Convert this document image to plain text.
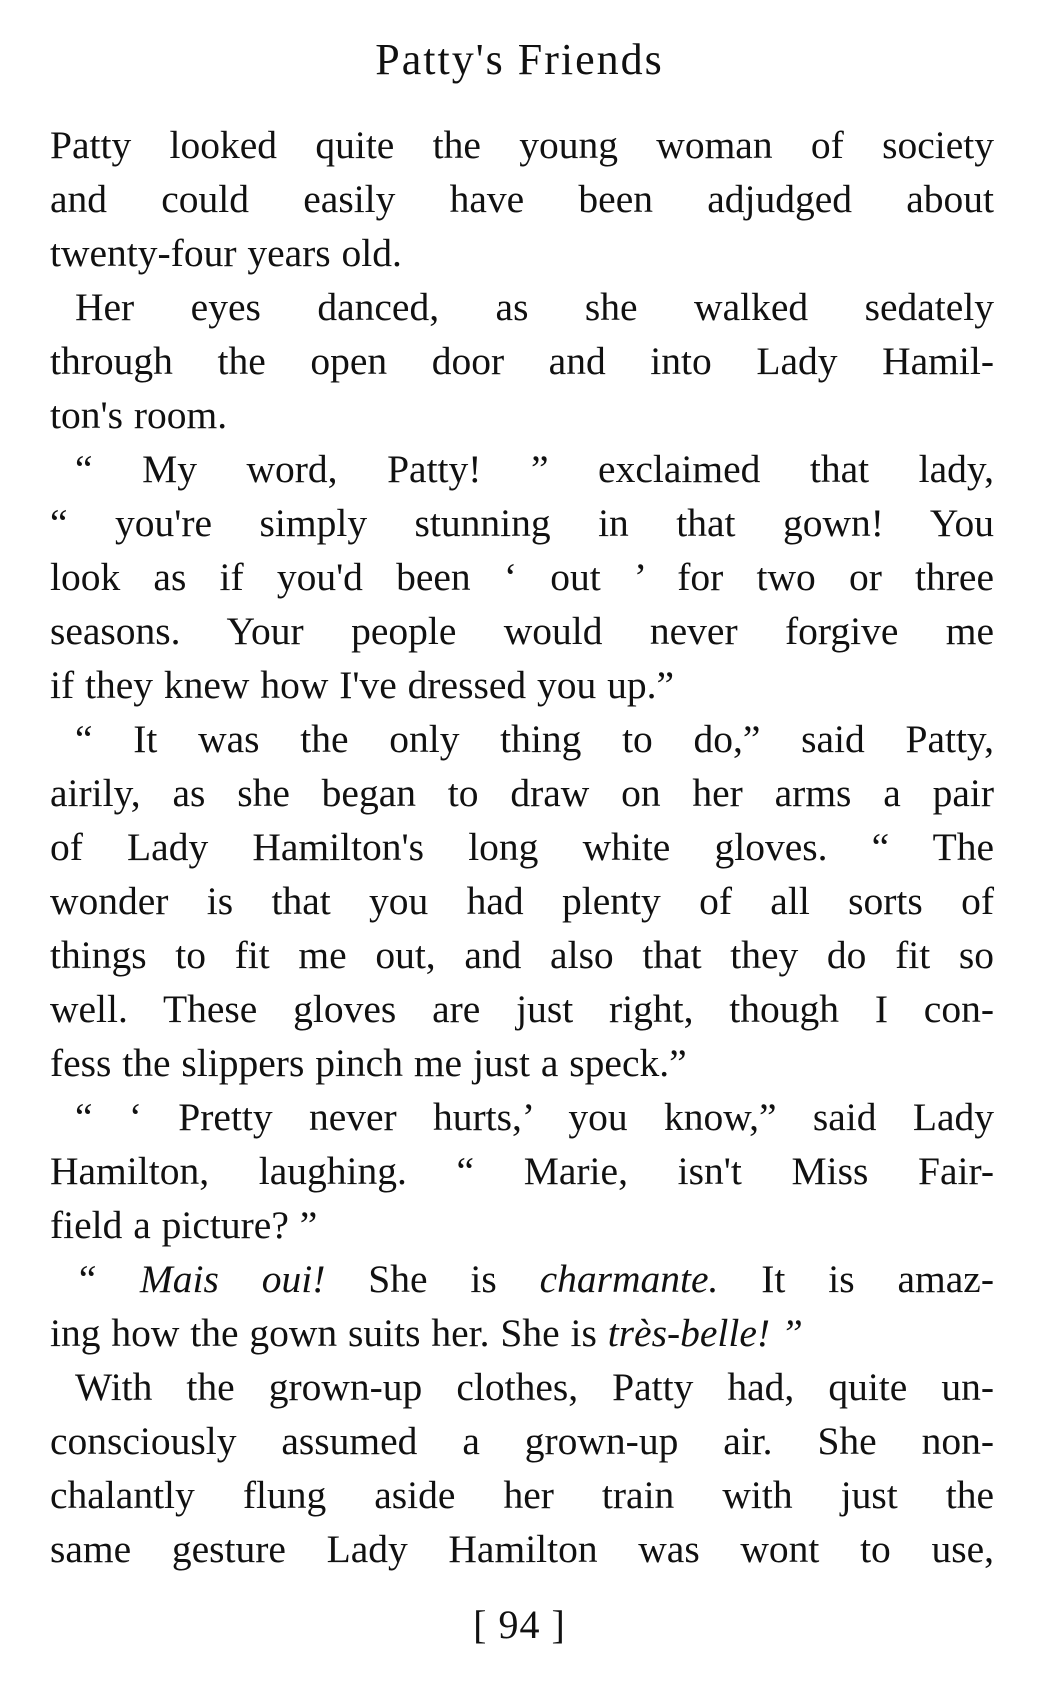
Patty's Friends

Patty looked quite the young woman of society
and could easily have been adjudged about
twenty-four years old.

Her eyes danced, as she walked sedately
through the open door and into Lady Hamil-
ton's room.

“ My word, Patty! ” exclaimed that lady,
“ you're simply stunning in that gown! You
look as if you'd been ‘ out ’ for two or three
seasons. Your people would never forgive me
if they knew how I've dressed you up.”

“ It was the only thing to do,” said Patty,
airily, as she began to draw on her arms a pair
of Lady Hamilton's long white gloves. “ The
wonder is that you had plenty of all sorts of
things to fit me out, and also that they do fit so
well. These gloves are just right, though I con-
fess the slippers pinch me just a speck.”

“ ‘ Pretty never hurts,’ you know,” said Lady
Hamilton, laughing. “ Marie, isn't Miss Fair-
field a picture? ”

“ Mais oui! She is charmante. It is amaz-
ing how the gown suits her. She is très-belle! ”

With the grown-up clothes, Patty had, quite un-
consciously assumed a grown-up air. She non-
chalantly flung aside her train with just the
same gesture Lady Hamilton was wont to use,

[ 94 ]
